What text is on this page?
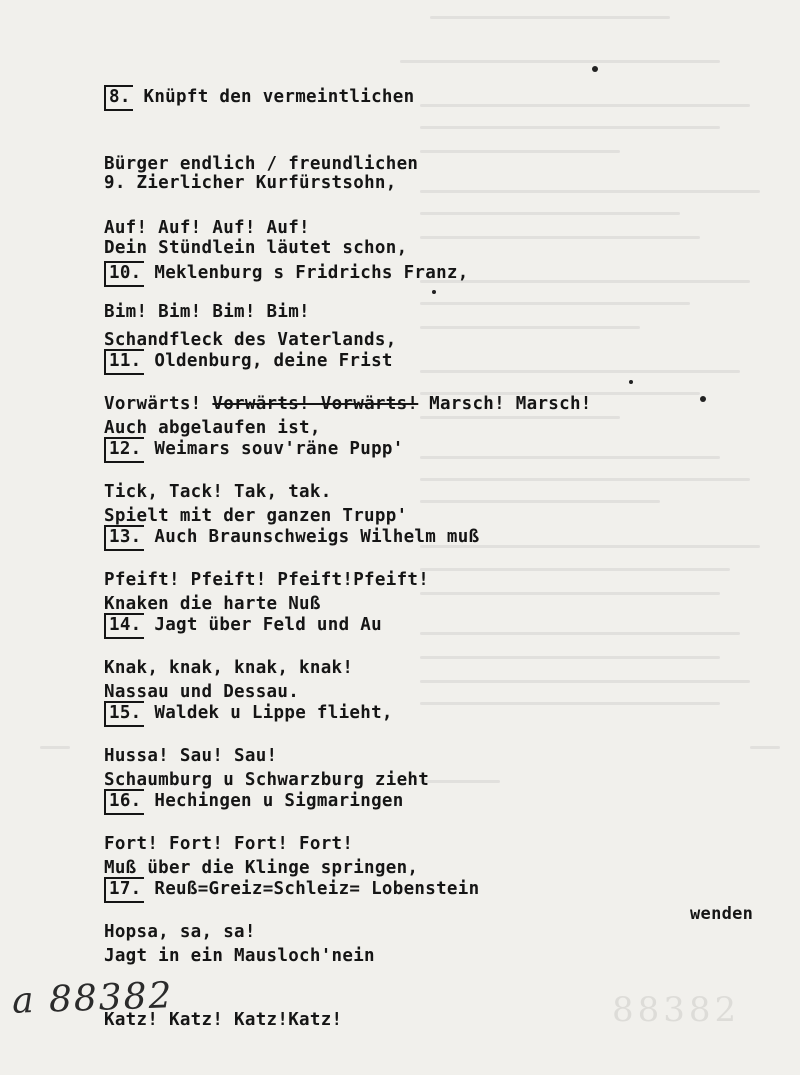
8. Knüpft den vermeintlichen

Bürger endlich / freundlichen

Auf! Auf! Auf! Auf!

9. Zierlicher Kurfürstsohn,

Dein Stündlein läutet schon,

Bim! Bim! Bim! Bim!

10. Meklenburg s Fridrichs Franz,

Schandfleck des Vaterlands,

Vorwärts! Vorwärts! Vorwärts! Marsch! Marsch!

11. Oldenburg, deine Frist

Auch abgelaufen ist,

Tick, Tack! Tak, tak.

12. Weimars souv'räne Pupp'

Spielt mit der ganzen Trupp'

Pfeift! Pfeift! Pfeift!Pfeift!

13. Auch Braunschweigs Wilhelm muß

Knaken die harte Nuß

Knak, knak, knak, knak!

14. Jagt über Feld und Au

Nassau und Dessau.

Hussa! Sau! Sau!

15. Waldek u Lippe flieht,

Schaumburg u Schwarzburg zieht

Fort! Fort! Fort! Fort!

16. Hechingen u Sigmaringen

Muß über die Klinge springen,

Hopsa, sa, sa!

17. Reuß=Greiz=Schleiz= Lobenstein

Jagt in ein Mausloch'nein

Katz! Katz! Katz!Katz!

wenden
a 88382	88382
